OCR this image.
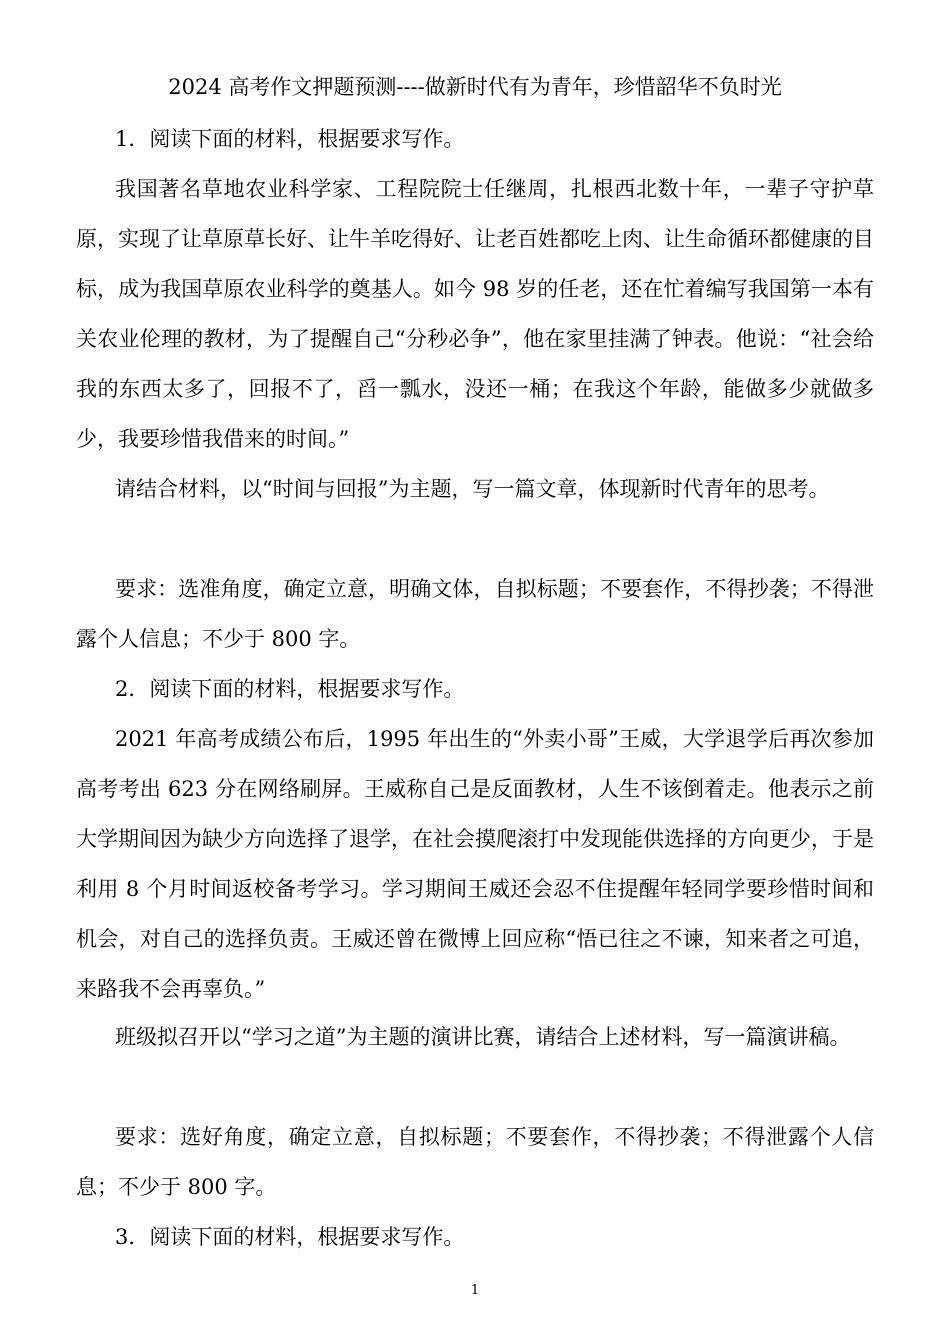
2024 高考作文押题预测----做新时代有为青年，珍惜韶华不负时光

1．阅读下面的材料，根据要求写作。

我国著名草地农业科学家、工程院院士任继周，扎根西北数十年，一辈子守护草原，实现了让草原草长好、让牛羊吃得好、让老百姓都吃上肉、让生命循环都健康的目标，成为我国草原农业科学的奠基人。如今 98 岁的任老，还在忙着编写我国第一本有关农业伦理的教材，为了提醒自己“分秒必争”，他在家里挂满了钟表。他说：“社会给我的东西太多了，回报不了，舀一瓢水，没还一桶；在我这个年龄，能做多少就做多少，我要珍惜我借来的时间。”

请结合材料，以“时间与回报”为主题，写一篇文章，体现新时代青年的思考。

要求：选准角度，确定立意，明确文体，自拟标题；不要套作，不得抄袭；不得泄露个人信息；不少于 800 字。

2．阅读下面的材料，根据要求写作。

2021 年高考成绩公布后，1995 年出生的“外卖小哥”王威，大学退学后再次参加高考考出 623 分在网络刷屏。王威称自己是反面教材，人生不该倒着走。他表示之前大学期间因为缺少方向选择了退学，在社会摸爬滚打中发现能供选择的方向更少，于是利用 8 个月时间返校备考学习。学习期间王威还会忍不住提醒年轻同学要珍惜时间和机会，对自己的选择负责。王威还曾在微博上回应称“悟已往之不谏，知来者之可追，来路我不会再辜负。”

班级拟召开以“学习之道”为主题的演讲比赛，请结合上述材料，写一篇演讲稿。

要求：选好角度，确定立意，自拟标题；不要套作，不得抄袭；不得泄露个人信息；不少于 800 字。

3．阅读下面的材料，根据要求写作。

1
